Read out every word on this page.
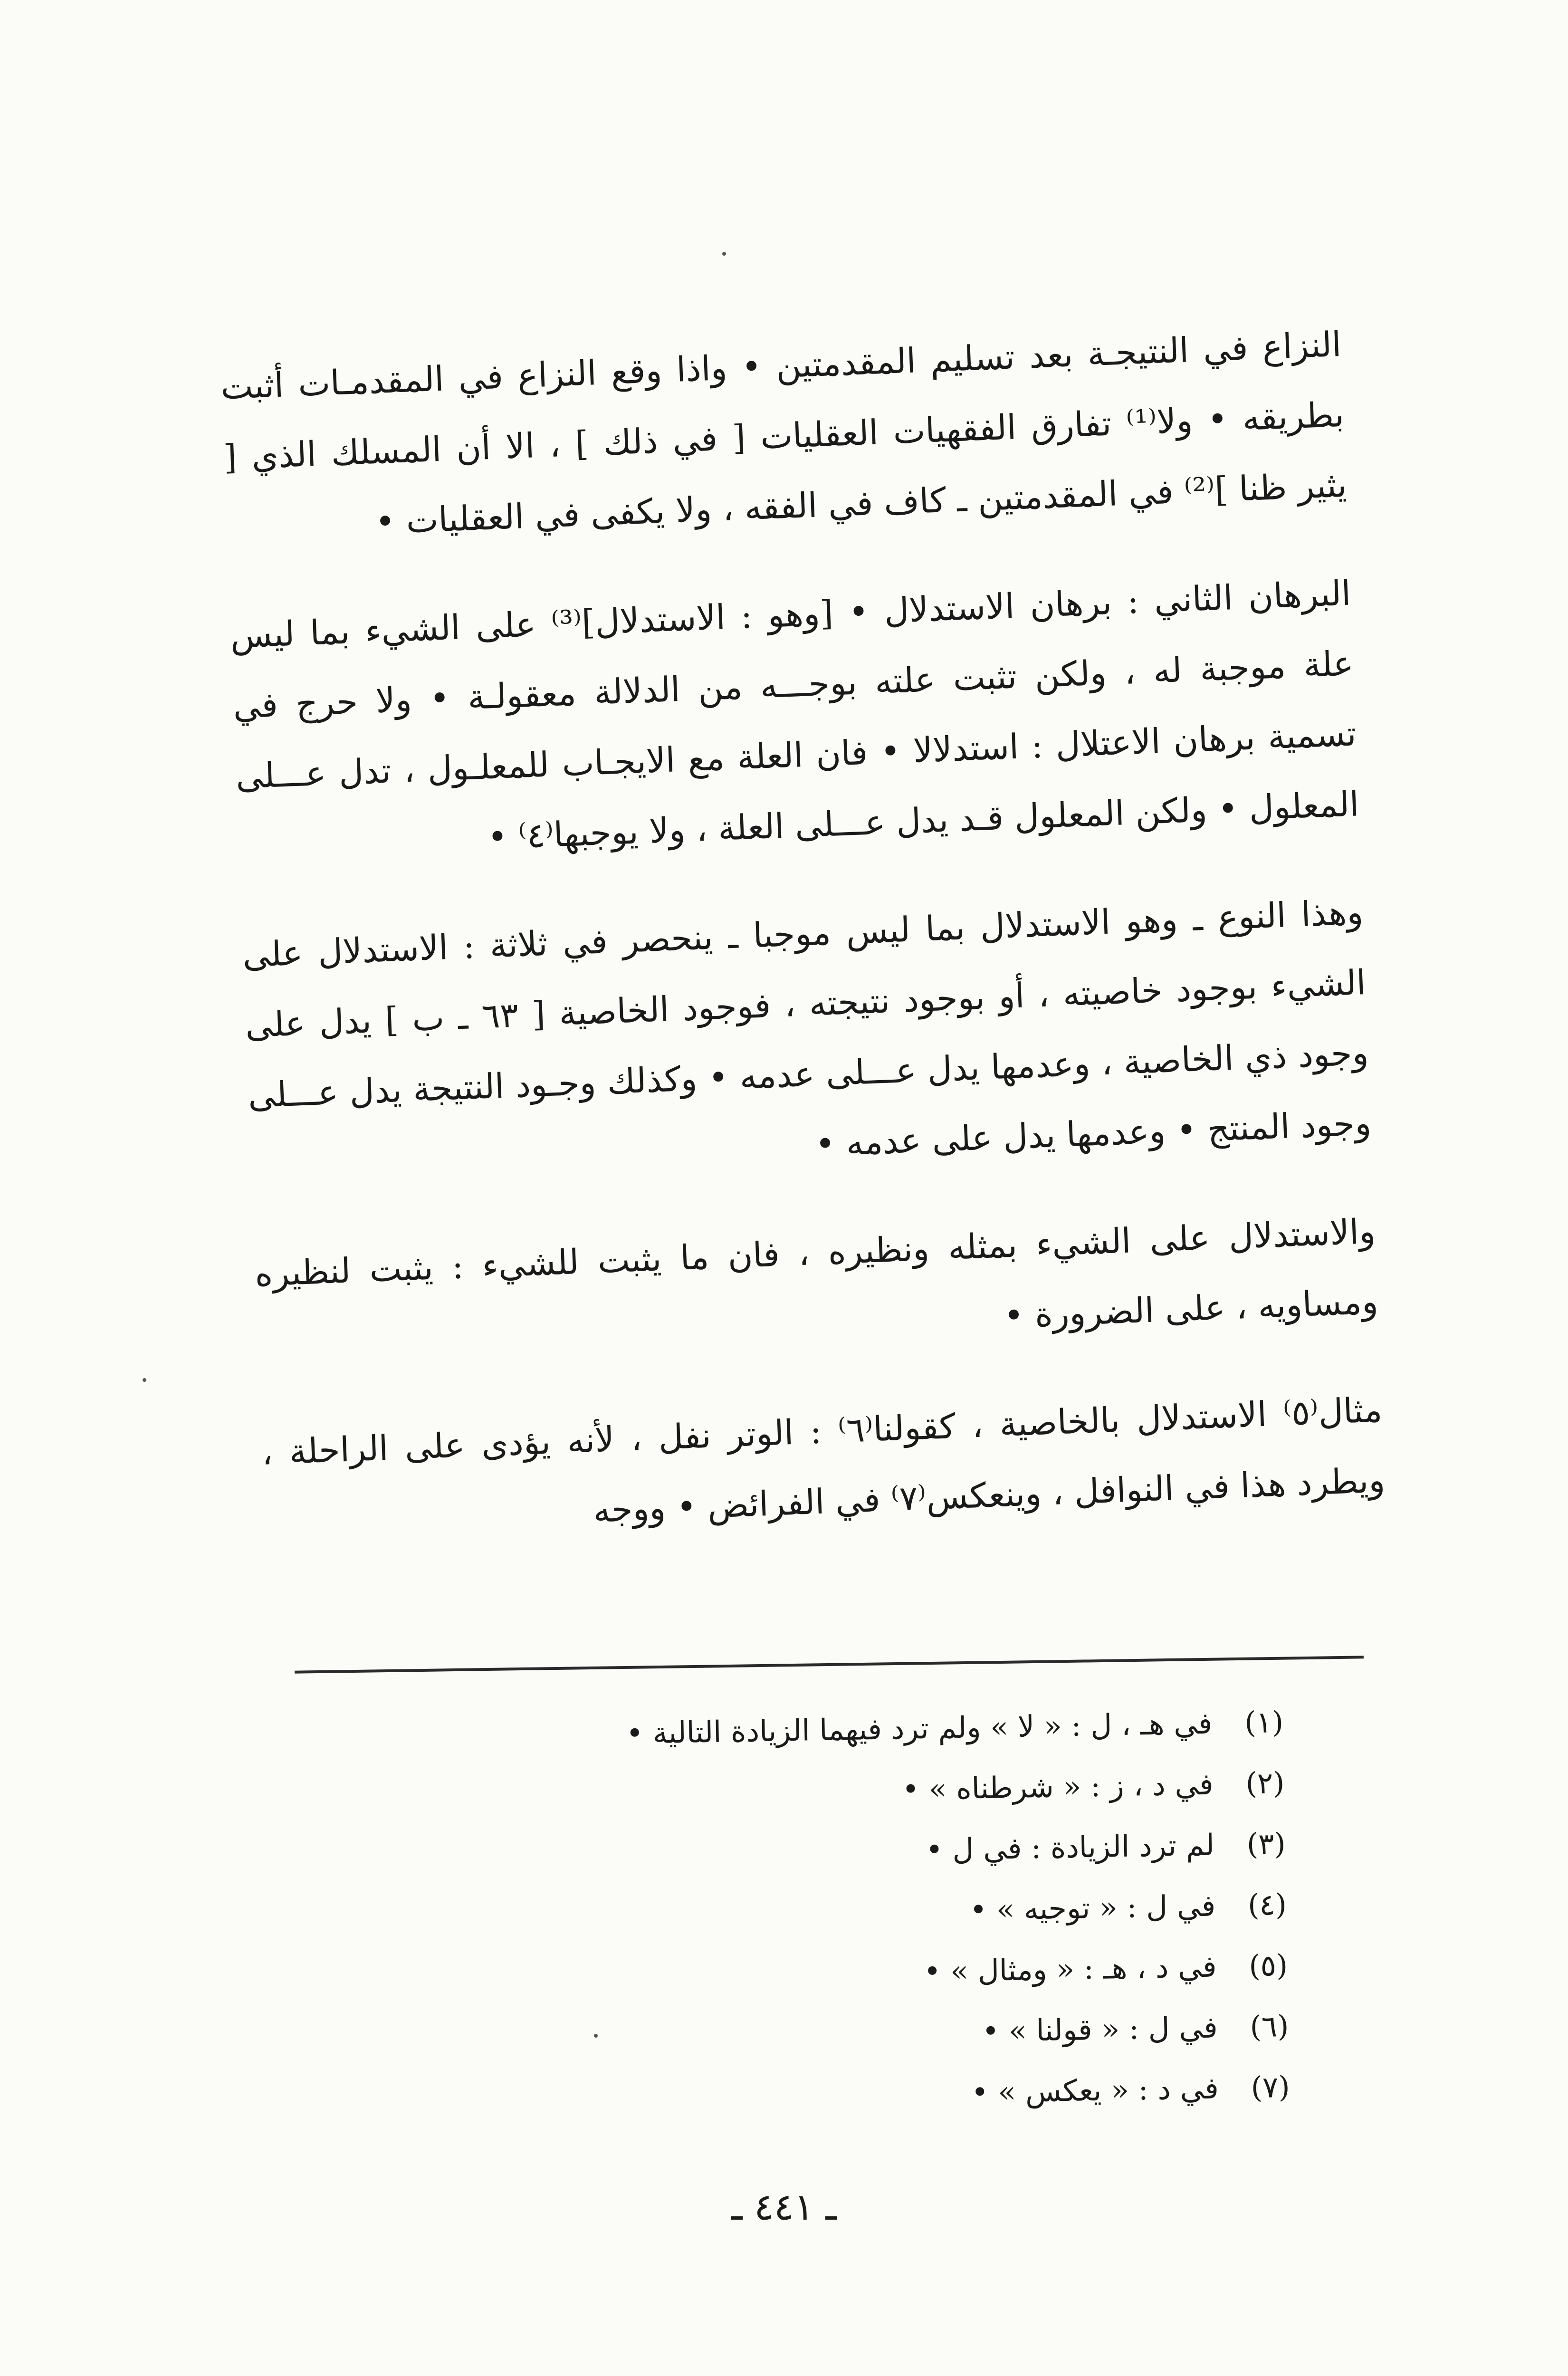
النزاع في النتيجـة بعد تسليم المقدمتين • واذا وقع النزاع في المقدمـات أثبت بطريقه • ولا⁽¹⁾ تفارق الفقهيات العقليات [ في ذلك ] ، الا أن المسلك الذي [ يثير ظنا ]⁽²⁾ في المقدمتين ـ كاف في الفقه ، ولا يكفى في العقليات •

البرهان الثاني : برهان الاستدلال • [وهو : الاستدلال]⁽³⁾ على الشيء بما ليس علة موجبة له ، ولكن تثبت علته بوجـــه من الدلالة معقولـة • ولا حرج في تسمية برهان الاعتلال : استدلالا • فان العلة مع الايجـاب للمعلـول ، تدل عـــلى المعلول • ولكن المعلول قـد يدل عـــلى العلة ، ولا يوجبها⁽٤⁾ •

وهذا النوع ـ وهو الاستدلال بما ليس موجبا ـ ينحصر في ثلاثة : الاستدلال على الشيء بوجود خاصيته ، أو بوجود نتيجته ، فوجود الخاصية [ ٦٣ ـ ب ] يدل على وجود ذي الخاصية ، وعدمها يدل عـــلى عدمه • وكذلك وجـود النتيجة يدل عـــلى وجود المنتج • وعدمها يدل على عدمه •

والاستدلال على الشيء بمثله ونظيره ، فان ما يثبت للشيء : يثبت لنظيره ومساويه ، على الضرورة •

مثال⁽٥⁾ الاستدلال بالخاصية ، كقولنا⁽٦⁾ : الوتر نفل ، لأنه يؤدى على الراحلة ، ويطرد هذا في النوافل ، وينعكس⁽٧⁾ في الفرائض • ووجه

(١) في هـ ، ل : « لا » ولم ترد فيهما الزيادة التالية •
(٢) في د ، ز : « شرطناه » •
(٣) لم ترد الزيادة : في ل •
(٤) في ل : « توجيه » •
(٥) في د ، هـ : « ومثال » •
(٦) في ل : « قولنا » •
(٧) في د : « يعكس » •
ـ ٤٤١ ـ
